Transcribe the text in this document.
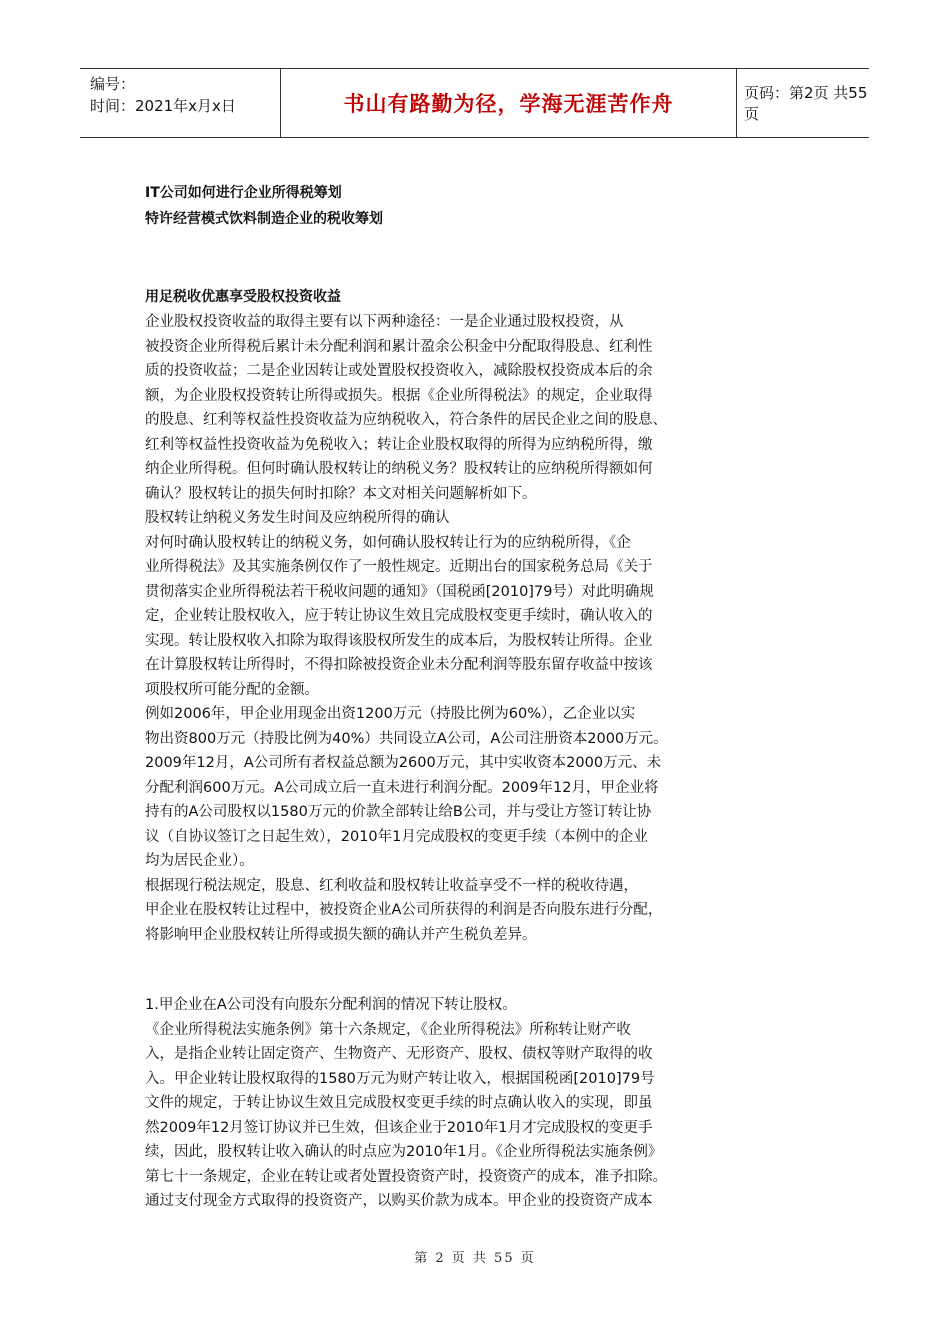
编号：
时间：2021年x月x日	书山有路勤为径，学海无涯苦作舟	页码：第2页 共55页
IT公司如何进行企业所得税筹划
特许经营模式饮料制造企业的税收筹划
用足税收优惠享受股权投资收益
企业股权投资收益的取得主要有以下两种途径：一是企业通过股权投资，从
被投资企业所得税后累计未分配利润和累计盈余公积金中分配取得股息、红利性
质的投资收益；二是企业因转让或处置股权投资收入，减除股权投资成本后的余
额，为企业股权投资转让所得或损失。根据《企业所得税法》的规定，企业取得
的股息、红利等权益性投资收益为应纳税收入，符合条件的居民企业之间的股息、
红利等权益性投资收益为免税收入；转让企业股权取得的所得为应纳税所得，缴
纳企业所得税。但何时确认股权转让的纳税义务？股权转让的应纳税所得额如何
确认？股权转让的损失何时扣除？本文对相关问题解析如下。
股权转让纳税义务发生时间及应纳税所得的确认
对何时确认股权转让的纳税义务，如何确认股权转让行为的应纳税所得，《企
业所得税法》及其实施条例仅作了一般性规定。近期出台的国家税务总局《关于
贯彻落实企业所得税法若干税收问题的通知》（国税函[2010]79号）对此明确规
定，企业转让股权收入，应于转让协议生效且完成股权变更手续时，确认收入的
实现。转让股权收入扣除为取得该股权所发生的成本后，为股权转让所得。企业
在计算股权转让所得时，不得扣除被投资企业未分配利润等股东留存收益中按该
项股权所可能分配的金额。
例如2006年，甲企业用现金出资1200万元（持股比例为60%），乙企业以实
物出资800万元（持股比例为40%）共同设立A公司，A公司注册资本2000万元。
2009年12月，A公司所有者权益总额为2600万元，其中实收资本2000万元、未
分配利润600万元。A公司成立后一直未进行利润分配。2009年12月，甲企业将
持有的A公司股权以1580万元的价款全部转让给B公司，并与受让方签订转让协
议（自协议签订之日起生效），2010年1月完成股权的变更手续（本例中的企业
均为居民企业）。
根据现行税法规定，股息、红利收益和股权转让收益享受不一样的税收待遇，
甲企业在股权转让过程中，被投资企业A公司所获得的利润是否向股东进行分配，
将影响甲企业股权转让所得或损失额的确认并产生税负差异。
1.甲企业在A公司没有向股东分配利润的情况下转让股权。
《企业所得税法实施条例》第十六条规定，《企业所得税法》所称转让财产收
入，是指企业转让固定资产、生物资产、无形资产、股权、债权等财产取得的收
入。甲企业转让股权取得的1580万元为财产转让收入，根据国税函[2010]79号
文件的规定，于转让协议生效且完成股权变更手续的时点确认收入的实现，即虽
然2009年12月签订协议并已生效，但该企业于2010年1月才完成股权的变更手
续，因此，股权转让收入确认的时点应为2010年1月。《企业所得税法实施条例》
第七十一条规定，企业在转让或者处置投资资产时，投资资产的成本，准予扣除。
通过支付现金方式取得的投资资产，以购买价款为成本。甲企业的投资资产成本
第 2 页 共 55 页
